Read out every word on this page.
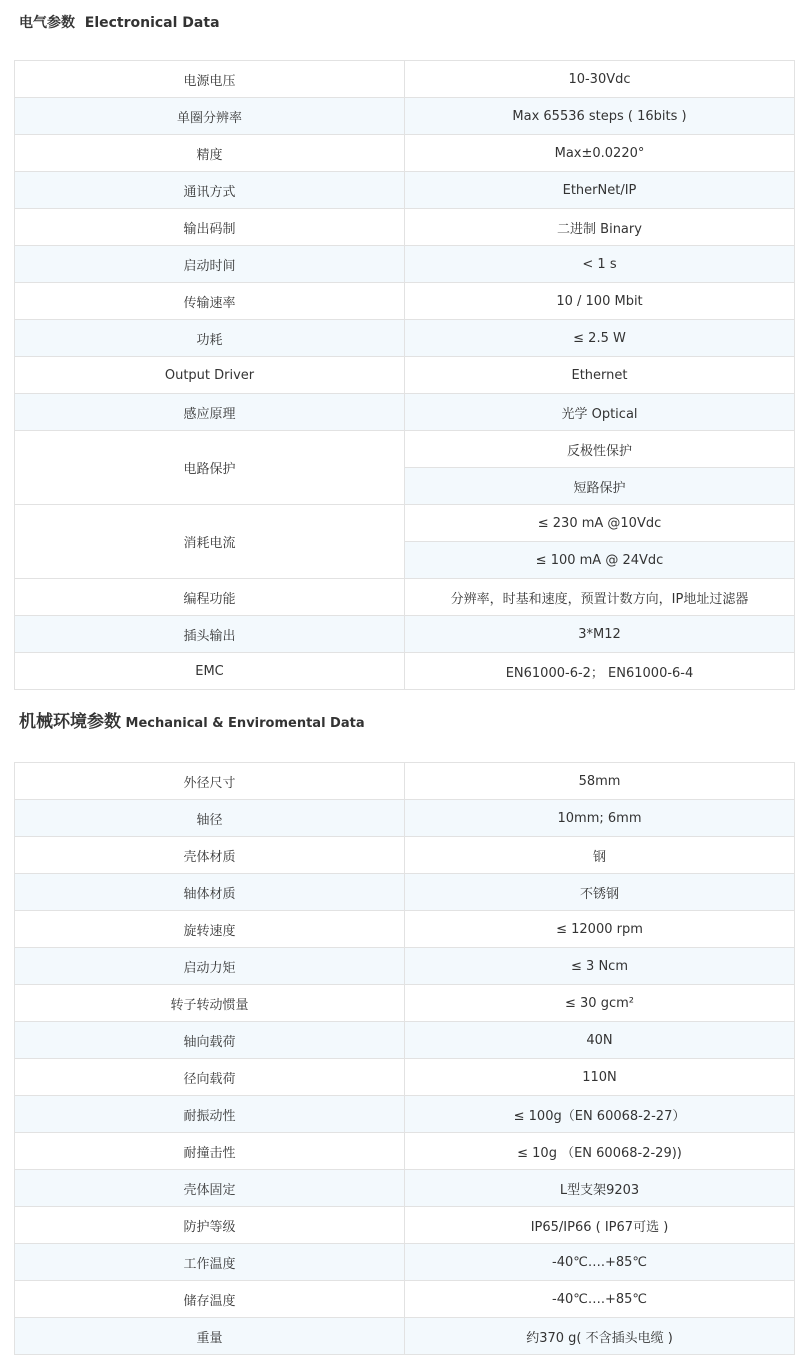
电气参数 Electronical Data
电源电压	10-30Vdc
单圈分辨率	Max 65536 steps ( 16bits )
精度	Max±0.0220°
通讯方式	EtherNet/IP
输出码制	二进制 Binary
启动时间	< 1 s
传输速率	10 / 100 Mbit
功耗	≤ 2.5 W
Output Driver	Ethernet
感应原理	光学 Optical
电路保护	反极性保护
	短路保护
消耗电流	≤ 230 mA @10Vdc
	≤ 100 mA @ 24Vdc
编程功能	分辨率，时基和速度，预置计数方向，IP地址过滤器
插头输出	3*M12
EMC	EN61000-6-2； EN61000-6-4
机械环境参数 Mechanical & Enviromental Data
外径尺寸	58mm
轴径	10mm; 6mm
壳体材质	钢
轴体材质	不锈钢
旋转速度	≤ 12000 rpm
启动力矩	≤ 3 Ncm
转子转动惯量	≤ 30 gcm²
轴向载荷	40N
径向载荷	110N
耐振动性	≤ 100g（EN 60068-2-27）
耐撞击性	≤ 10g （EN 60068-2-29))
壳体固定	L型支架9203
防护等级	IP65/IP66 ( IP67可选 )
工作温度	-40℃….+85℃
储存温度	-40℃….+85℃
重量	约370 g( 不含插头电缆 )
